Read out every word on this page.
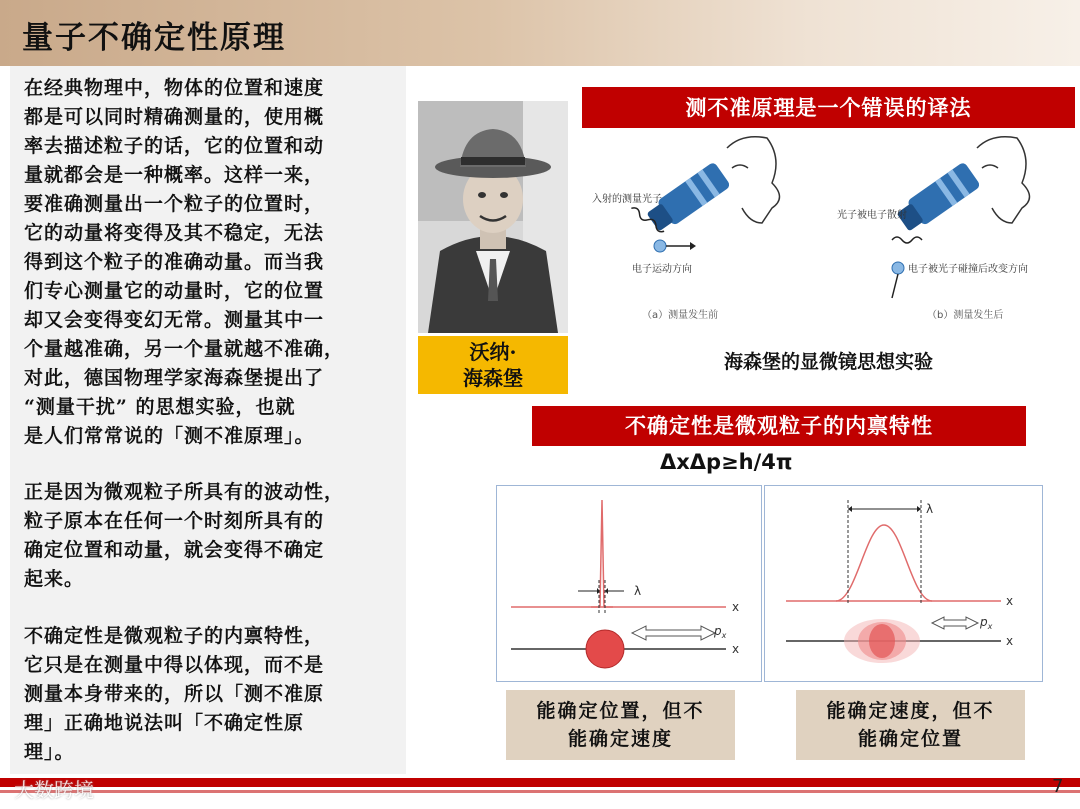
量子不确定性原理
在经典物理中，物体的位置和速度
都是可以同时精确测量的，使用概
率去描述粒子的话，它的位置和动
量就都会是一种概率。这样一来，
要准确测量出一个粒子的位置时，
它的动量将变得及其不稳定，无法
得到这个粒子的准确动量。而当我
们专心测量它的动量时，它的位置
却又会变得变幻无常。测量其中一
个量越准确，另一个量就越不准确，
对此，德国物理学家海森堡提出了
“测量干扰” 的思想实验，也就
是人们常常说的「测不准原理」。
正是因为微观粒子所具有的波动性，
粒子原本在任何一个时刻所具有的
确定位置和动量，就会变得不确定
起来。
不确定性是微观粒子的内禀特性，
它只是在测量中得以体现，而不是
测量本身带来的，所以「测不准原
理」正确地说法叫「不确定性原
理」。
沃纳·
海森堡
测不准原理是一个错误的译法
入射的测量光子
电子运动方向
（a）测量发生前
光子被电子散射
电子被光子碰撞后改变方向
（b）测量发生后
海森堡的显微镜思想实验
不确定性是微观粒子的内禀特性
ΔxΔp≥h/4π
x
λ
x
$p_x$
x
λ
x
$p_x$
能确定位置，但不
能确定速度
能确定速度，但不
能确定位置
大数跨境	7
